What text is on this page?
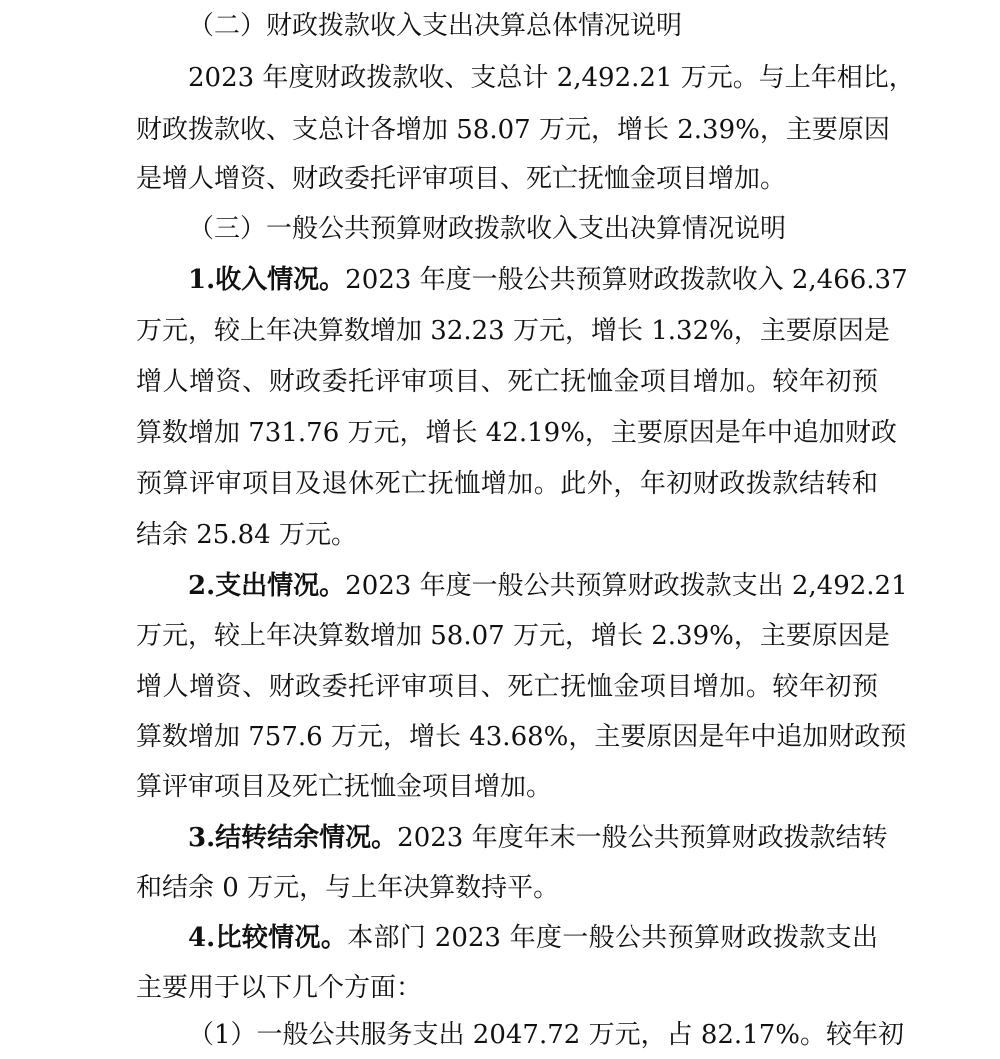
（二）财政拨款收入支出决算总体情况说明
2023 年度财政拨款收、支总计 2,492.21 万元。与上年相比，
财政拨款收、支总计各增加 58.07 万元，增长 2.39%，主要原因
是增人增资、财政委托评审项目、死亡抚恤金项目增加。
（三）一般公共预算财政拨款收入支出决算情况说明
1.收入情况。2023 年度一般公共预算财政拨款收入 2,466.37
万元，较上年决算数增加 32.23 万元，增长 1.32%，主要原因是
增人增资、财政委托评审项目、死亡抚恤金项目增加。较年初预
算数增加 731.76 万元，增长 42.19%，主要原因是年中追加财政
预算评审项目及退休死亡抚恤增加。此外，年初财政拨款结转和
结余 25.84 万元。
2.支出情况。2023 年度一般公共预算财政拨款支出 2,492.21
万元，较上年决算数增加 58.07 万元，增长 2.39%，主要原因是
增人增资、财政委托评审项目、死亡抚恤金项目增加。较年初预
算数增加 757.6 万元，增长 43.68%，主要原因是年中追加财政预
算评审项目及死亡抚恤金项目增加。
3.结转结余情况。2023 年度年末一般公共预算财政拨款结转
和结余 0 万元，与上年决算数持平。
4.比较情况。本部门 2023 年度一般公共预算财政拨款支出
主要用于以下几个方面：
（1）一般公共服务支出 2047.72 万元，占 82.17%。较年初
